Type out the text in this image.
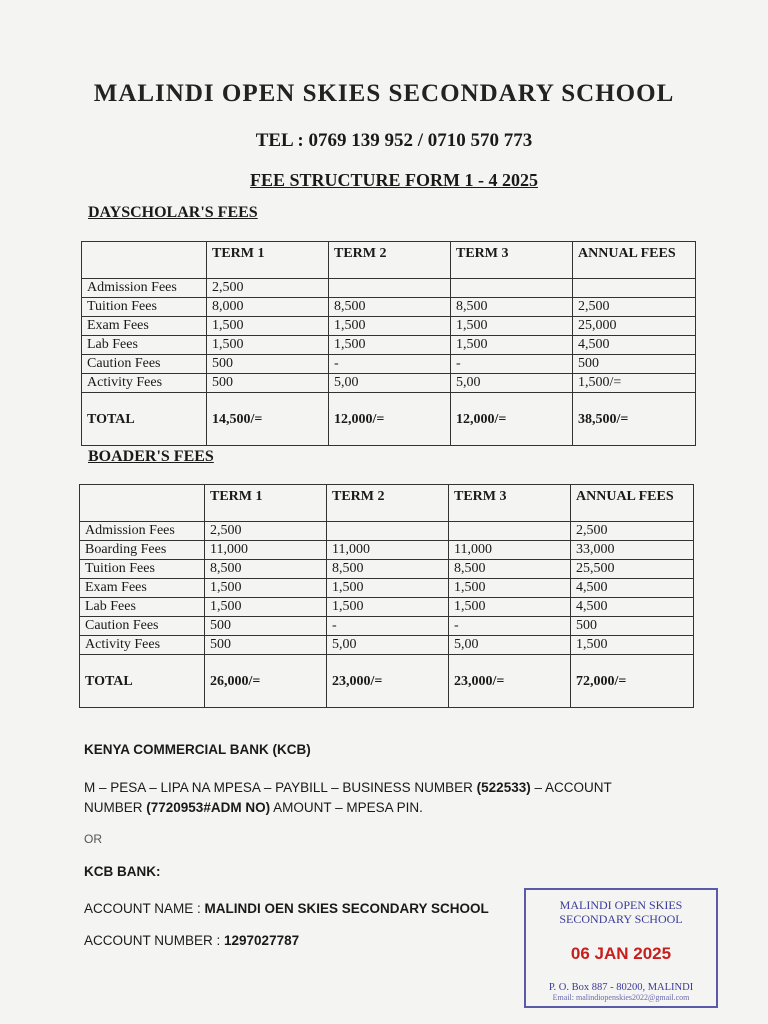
MALINDI OPEN SKIES SECONDARY SCHOOL
TEL : 0769 139 952 / 0710 570 773
FEE STRUCTURE FORM 1 - 4 2025
DAYSCHOLAR'S FEES
	TERM 1	TERM 2	TERM 3	ANNUAL FEES
Admission Fees	2,500			
Tuition Fees	8,000	8,500	8,500	2,500
Exam Fees	1,500	1,500	1,500	25,000
Lab Fees	1,500	1,500	1,500	4,500
Caution Fees	500	-	-	500
Activity Fees	500	5,00	5,00	1,500/=
TOTAL	14,500/=	12,000/=	12,000/=	38,500/=
BOADER'S FEES
	TERM 1	TERM 2	TERM 3	ANNUAL FEES
Admission Fees	2,500			2,500
Boarding Fees	11,000	11,000	11,000	33,000
Tuition Fees	8,500	8,500	8,500	25,500
Exam Fees	1,500	1,500	1,500	4,500
Lab Fees	1,500	1,500	1,500	4,500
Caution Fees	500	-	-	500
Activity Fees	500	5,00	5,00	1,500
TOTAL	26,000/=	23,000/=	23,000/=	72,000/=
KENYA COMMERCIAL BANK (KCB)
M – PESA – LIPA NA MPESA – PAYBILL – BUSINESS NUMBER (522533) – ACCOUNT
NUMBER (7720953#ADM NO) AMOUNT – MPESA PIN.
OR
KCB BANK:
ACCOUNT NAME : MALINDI OEN SKIES SECONDARY SCHOOL
ACCOUNT NUMBER : 1297027787
MALINDI OPEN SKIES SECONDARY SCHOOL
06 JAN 2025
P. O. Box 887 - 80200, MALINDI
Email: malindiopenskies2022@gmail.com
